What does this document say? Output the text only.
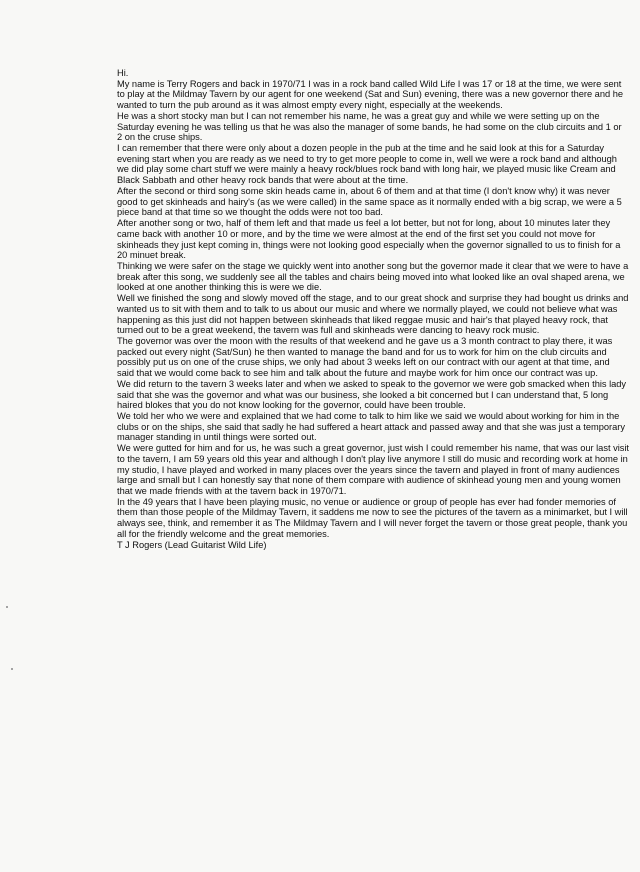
Hi.

My name is Terry Rogers and back in 1970/71 I was in a rock band called Wild Life I was 17 or 18 at the time, we were sent to play at the Mildmay Tavern by our agent for one weekend (Sat and Sun) evening, there was a new governor there and he wanted to turn the pub around as it was almost empty every night, especially at the weekends.

He was a short stocky man but I can not remember his name, he was a great guy and while we were setting up on the Saturday evening he was telling us that he was also the manager of some bands, he had some on the club circuits and 1 or 2 on the cruse ships.

I can remember that there were only about a dozen people in the pub at the time and he said look at this for a Saturday evening start when you are ready as we need to try to get more people to come in, well we were a rock band and although we did play some chart stuff we were mainly a heavy rock/blues rock band with long hair, we played music like Cream and Black Sabbath and other heavy rock bands that were about at the time.

After the second or third song some skin heads came in, about 6 of them and at that time (I don't know why) it was never good to get skinheads and hairy's (as we were called) in the same space as it normally ended with a big scrap, we were a 5 piece band at that time so we thought the odds were not too bad.

After another song or two, half of them left and that made us feel a lot better, but not for long, about 10 minutes later they came back with another 10 or more, and by the time we were almost at the end of the first set you could not move for skinheads they just kept coming in, things were not looking good especially when the governor signalled to us to finish for a 20 minuet break.

Thinking we were safer on the stage we quickly went into another song but the governor made it clear that we were to have a break after this song, we suddenly see all the tables and chairs being moved into what looked like an oval shaped arena, we looked at one another thinking this is were we die.

Well we finished the song and slowly moved off the stage, and to our great shock and surprise they had bought us drinks and wanted us to sit with them and to talk to us about our music and where we normally played, we could not believe what was happening as this just did not happen between skinheads that liked reggae music and hair's that played heavy rock, that turned out to be a great weekend, the tavern was full and skinheads were dancing to heavy rock music.

The governor was over the moon with the results of that weekend and he gave us a 3 month contract to play there, it was packed out every night (Sat/Sun) he then wanted to manage the band and for us to work for him on the club circuits and possibly put us on one of the cruse ships, we only had about 3 weeks left on our contract with our agent at that time, and said that we would come back to see him and talk about the future and maybe work for him once our contract was up.

We did return to the tavern 3 weeks later and when we asked to speak to the governor we were gob smacked when this lady said that she was the governor and what was our business, she looked a bit concerned but I can understand that, 5 long haired blokes that you do not know looking for the governor, could have been trouble.

We told her who we were and explained that we had come to talk to him like we said we would about working for him in the clubs or on the ships, she said that sadly he had suffered a heart attack and passed away and that she was just a temporary manager standing in until things were sorted out.

We were gutted for him and for us, he was such a great governor, just wish I could remember his name, that was our last visit to the tavern, I am 59 years old this year and although I don't play live anymore I still do music and recording work at home in my studio, I have played and worked in many places over the years since the tavern and played in front of many audiences large and small but I can honestly say that none of them compare with audience of skinhead young men and young women that we made friends with at the tavern back in 1970/71.

In the 49 years that I have been playing music, no venue or audience or group of people has ever had fonder memories of them than those people of the Mildmay Tavern, it saddens me now to see the pictures of the tavern as a minimarket, but I will always see, think, and remember it as The Mildmay Tavern and I will never forget the tavern or those great people, thank you all for the friendly welcome and the great memories.

T J Rogers (Lead Guitarist Wild Life)
